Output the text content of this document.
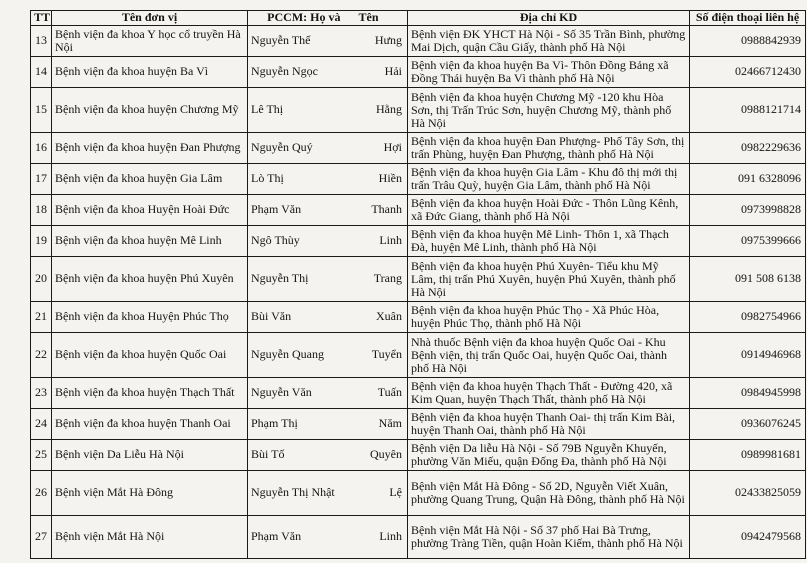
TT	Tên đơn vị	PCCM: Họ và	Tên	Địa chỉ KD	Số điện thoại liên hệ
13	Bệnh viện đa khoa Y học cổ truyền Hà Nội	Nguyễn Thế	Hưng	Bệnh viện ĐK YHCT Hà Nội - Số 35 Trần Bình, phường Mai Dịch, quận Cầu Giấy, thành phố Hà Nội	0988842939
14	Bệnh viện đa khoa huyện Ba Vì	Nguyễn Ngọc	Hải	Bệnh viện đa khoa huyện Ba Vì- Thôn Đồng Bảng xã Đồng Thái huyện Ba Vì thành phố Hà Nội	02466712430
15	Bệnh viện đa khoa huyện Chương Mỹ	Lê Thị	Hằng	Bệnh viện đa khoa huyện Chương Mỹ -120 khu Hòa Sơn, thị Trấn Trúc Sơn, huyện Chương Mỹ, thành phố Hà Nội	0988121714
16	Bệnh viện đa khoa huyện Đan Phượng	Nguyễn Quý	Hợi	Bệnh viện đa khoa huyện Đan Phượng- Phố Tây Sơn, thị trấn Phùng, huyện Đan Phượng, thành phố Hà Nội	0982229636
17	Bệnh viện đa khoa huyện Gia Lâm	Lò Thị	Hiền	Bệnh viện đa khoa huyện Gia Lâm - Khu đô thị mới thị trấn Trâu Quỳ, huyện Gia Lâm, thành phố Hà Nội	091 6328096
18	Bệnh viện đa khoa Huyện Hoài Đức	Phạm Văn	Thanh	Bệnh viện đa khoa huyện Hoài Đức - Thôn Lũng Kênh, xã Đức Giang, thành phố Hà Nội	0973998828
19	Bệnh viện đa khoa huyện Mê Linh	Ngô Thùy	Linh	Bệnh viện đa khoa huyện Mê Linh- Thôn 1, xã Thạch Đà, huyện Mê Linh, thành phố Hà Nội	0975399666
20	Bệnh viện đa khoa huyện Phú Xuyên	Nguyễn Thị	Trang	Bệnh viện đa khoa huyện Phú Xuyên- Tiểu khu Mỹ Lâm, thị trấn Phú Xuyên, huyện Phú Xuyên, thành phố Hà Nội	091 508 6138
21	Bệnh viện đa khoa Huyện Phúc Thọ	Bùi Văn	Xuân	Bệnh viện đa khoa huyện Phúc Thọ - Xã Phúc Hòa, huyện Phúc Thọ, thành phố Hà Nội	0982754966
22	Bệnh viện đa khoa huyện Quốc Oai	Nguyễn Quang	Tuyển	Nhà thuốc Bệnh viện đa khoa huyện Quốc Oai - Khu Bệnh viện, thị trấn Quốc Oai, huyện Quốc Oai, thành phố Hà Nội	0914946968
23	Bệnh viện đa khoa huyện Thạch Thất	Nguyễn Văn	Tuấn	Bệnh viện đa khoa huyện Thạch Thất - Đường 420, xã Kim Quan, huyện Thạch Thất, thành phố Hà Nội	0984945998
24	Bệnh viện đa khoa huyện Thanh Oai	Phạm Thị	Năm	Bệnh viện đa khoa huyện Thanh Oai- thị trấn Kim Bài, huyện Thanh Oai, thành phố Hà Nội	0936076245
25	Bệnh viện Da Liễu Hà Nội	Bùi Tố	Quyên	Bệnh viện Da liễu Hà Nội - Số 79B Nguyễn Khuyến, phường Văn Miếu, quận Đống Đa, thành phố Hà Nội	0989981681
26	Bệnh viện Mắt Hà Đông	Nguyễn Thị Nhật	Lệ	Bệnh viện Mắt Hà Đông - Số 2D, Nguyễn Viết Xuân, phường Quang Trung, Quận Hà Đông, thành phố Hà Nội	02433825059
27	Bệnh viện Mắt Hà Nội	Phạm Văn	Linh	Bệnh viện Mắt Hà Nội - Số 37 phố Hai Bà Trưng, phường Tràng Tiền, quận Hoàn Kiếm, thành phố Hà Nội	0942479568
